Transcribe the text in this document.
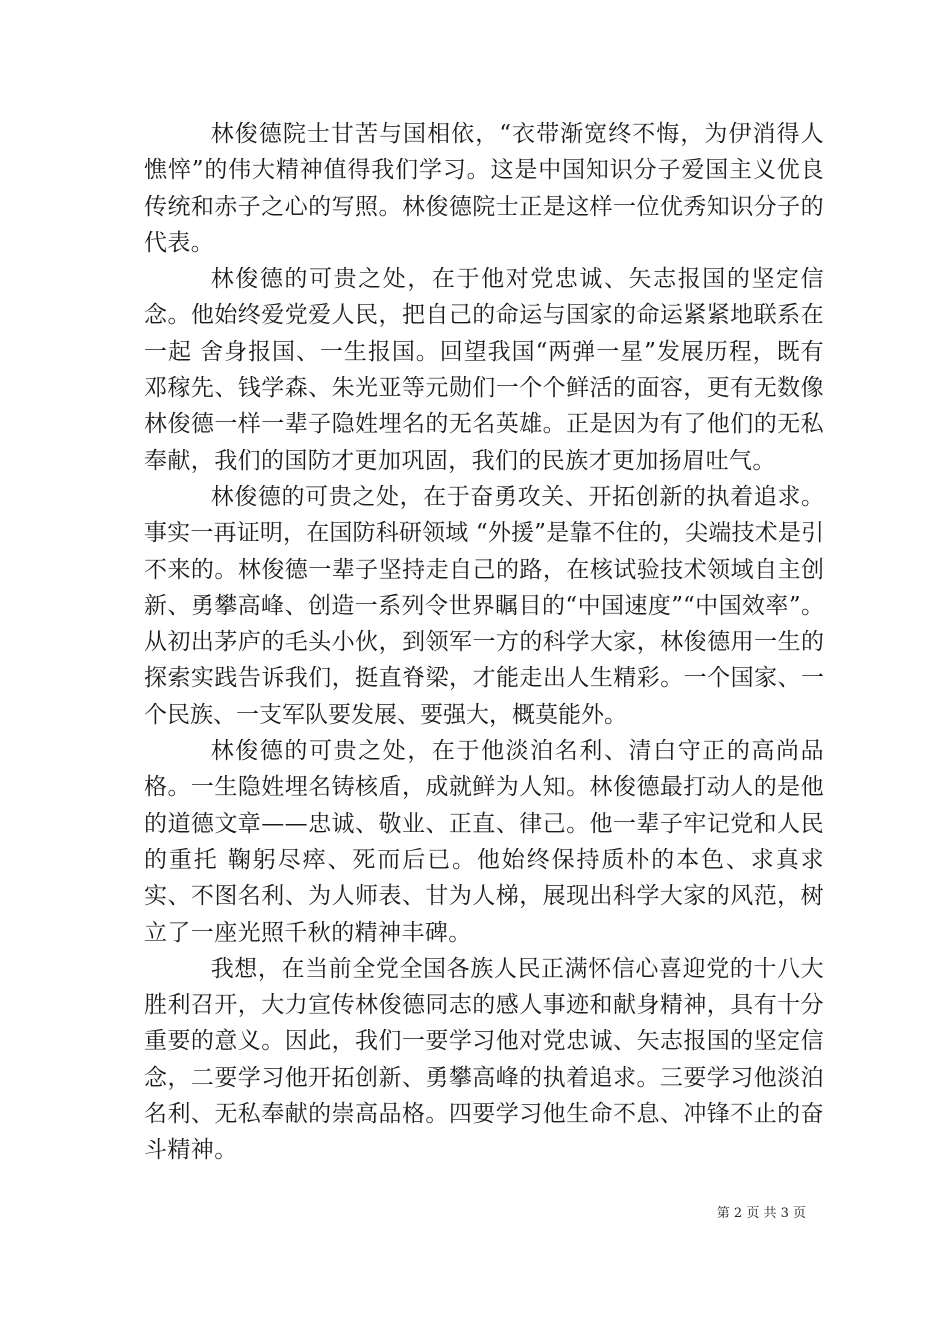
林俊德院士甘苦与国相依，“衣带渐宽终不悔，为伊消得人憔悴”的伟大精神值得我们学习。这是中国知识分子爱国主义优良传统和赤子之心的写照。林俊德院士正是这样一位优秀知识分子的代表。

林俊德的可贵之处，在于他对党忠诚、矢志报国的坚定信念。他始终爱党爱人民，把自己的命运与国家的命运紧紧地联系在一起 舍身报国、一生报国。回望我国“两弹一星”发展历程，既有邓稼先、钱学森、朱光亚等元勋们一个个鲜活的面容，更有无数像林俊德一样一辈子隐姓埋名的无名英雄。正是因为有了他们的无私奉献，我们的国防才更加巩固，我们的民族才更加扬眉吐气。

林俊德的可贵之处，在于奋勇攻关、开拓创新的执着追求。事实一再证明，在国防科研领域 “外援”是靠不住的，尖端技术是引不来的。林俊德一辈子坚持走自己的路，在核试验技术领域自主创新、勇攀高峰、创造一系列令世界瞩目的“中国速度”“中国效率”。从初出茅庐的毛头小伙，到领军一方的科学大家，林俊德用一生的探索实践告诉我们，挺直脊梁，才能走出人生精彩。一个国家、一个民族、一支军队要发展、要强大，概莫能外。

林俊德的可贵之处，在于他淡泊名利、清白守正的高尚品格。一生隐姓埋名铸核盾，成就鲜为人知。林俊德最打动人的是他的道德文章——忠诚、敬业、正直、律己。他一辈子牢记党和人民的重托 鞠躬尽瘁、死而后已。他始终保持质朴的本色、求真求实、不图名利、为人师表、甘为人梯，展现出科学大家的风范，树立了一座光照千秋的精神丰碑。

我想，在当前全党全国各族人民正满怀信心喜迎党的十八大胜利召开，大力宣传林俊德同志的感人事迹和献身精神，具有十分重要的意义。因此，我们一要学习他对党忠诚、矢志报国的坚定信念，二要学习他开拓创新、勇攀高峰的执着追求。三要学习他淡泊名利、无私奉献的崇高品格。四要学习他生命不息、冲锋不止的奋斗精神。

第 2 页 共 3 页
